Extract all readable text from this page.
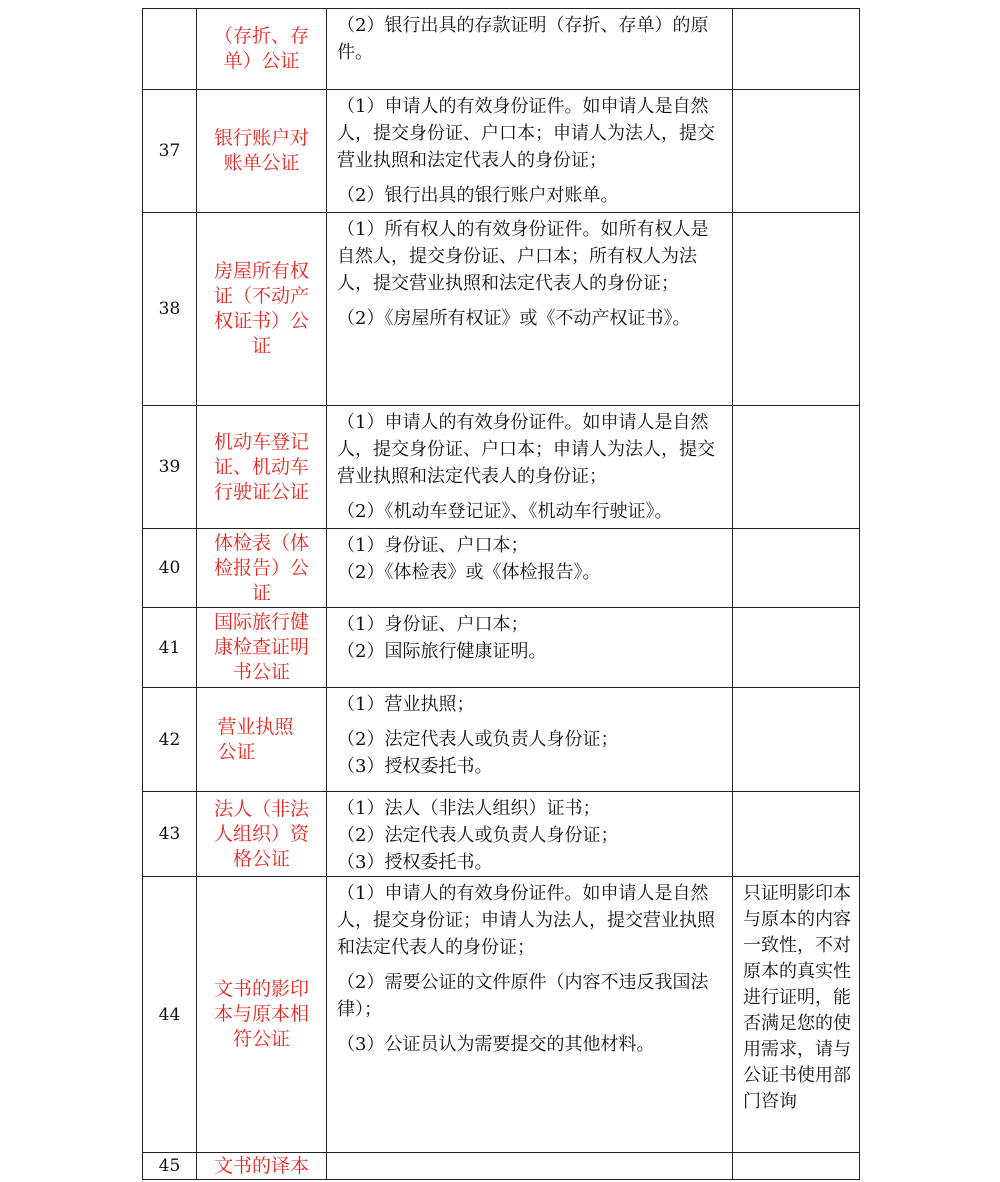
	（存折、存单）公证	（2）银行出具的存款证明（存折、存单）的原件。	

37	银行账户对账单公证	（1）申请人的有效身份证件。如申请人是自然人，提交身份证、户口本；申请人为法人，提交营业执照和法定代表人的身份证；

（2）银行出具的银行账户对账单。	

38	房屋所有权证（不动产权证书）公证	（1）所有权人的有效身份证件。如所有权人是自然人，提交身份证、户口本；所有权人为法人，提交营业执照和法定代表人的身份证；

（2）《房屋所有权证》或《不动产权证书》。	

39	机动车登记证、机动车行驶证公证	（1）申请人的有效身份证件。如申请人是自然人，提交身份证、户口本；申请人为法人，提交营业执照和法定代表人的身份证；

（2）《机动车登记证》、《机动车行驶证》。	

40	体检表（体检报告）公证	（1）身份证、户口本；

（2）《体检表》或《体检报告》。	

41	国际旅行健康检查证明书公证	（1）身份证、户口本；

（2）国际旅行健康证明。	

42	营业执照公证	（1）营业执照；

（2）法定代表人或负责人身份证；

（3）授权委托书。	

43	法人（非法人组织）资格公证	（1）法人（非法人组织）证书；

（2）法定代表人或负责人身份证；

（3）授权委托书。	

44	文书的影印本与原本相符公证	（1）申请人的有效身份证件。如申请人是自然人，提交身份证；申请人为法人，提交营业执照和法定代表人的身份证；

（2）需要公证的文件原件（内容不违反我国法律）；

（3）公证员认为需要提交的其他材料。	只证明影印本与原本的内容一致性，不对原本的真实性进行证明，能否满足您的使用需求，请与公证书使用部门咨询
45	文书的译本		
